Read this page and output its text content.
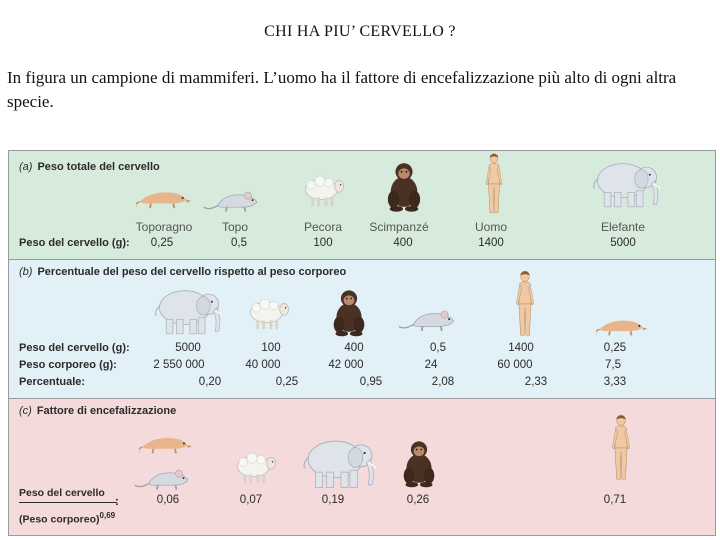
CHI HA PIU’ CERVELLO ?
In figura un campione di mammiferi. L’uomo ha il fattore di encefalizzazione più alto di ogni altra specie.
(a) Peso totale del cervello
Toporagno Topo	Pecora Scimpanzé	Uomo	Elefante
Peso del cervello (g): 0,25	0,5	100	400	1400	5000
(b) Percentuale del peso del cervello rispetto al peso corporeo
Peso del cervello (g):	5000	100	400	0,5	1400	0,25
Peso corporeo (g):	2 550 000	40 000	42 000	24	60 000	7,5
Percentuale:	0,20	0,25	0,95	2,08	2,33	3,33
(c) Fattore di encefalizzazione
Peso del cervello
(Peso corporeo)$^{0,69}$
:	0,06	0,07	0,19	0,26	0,71
